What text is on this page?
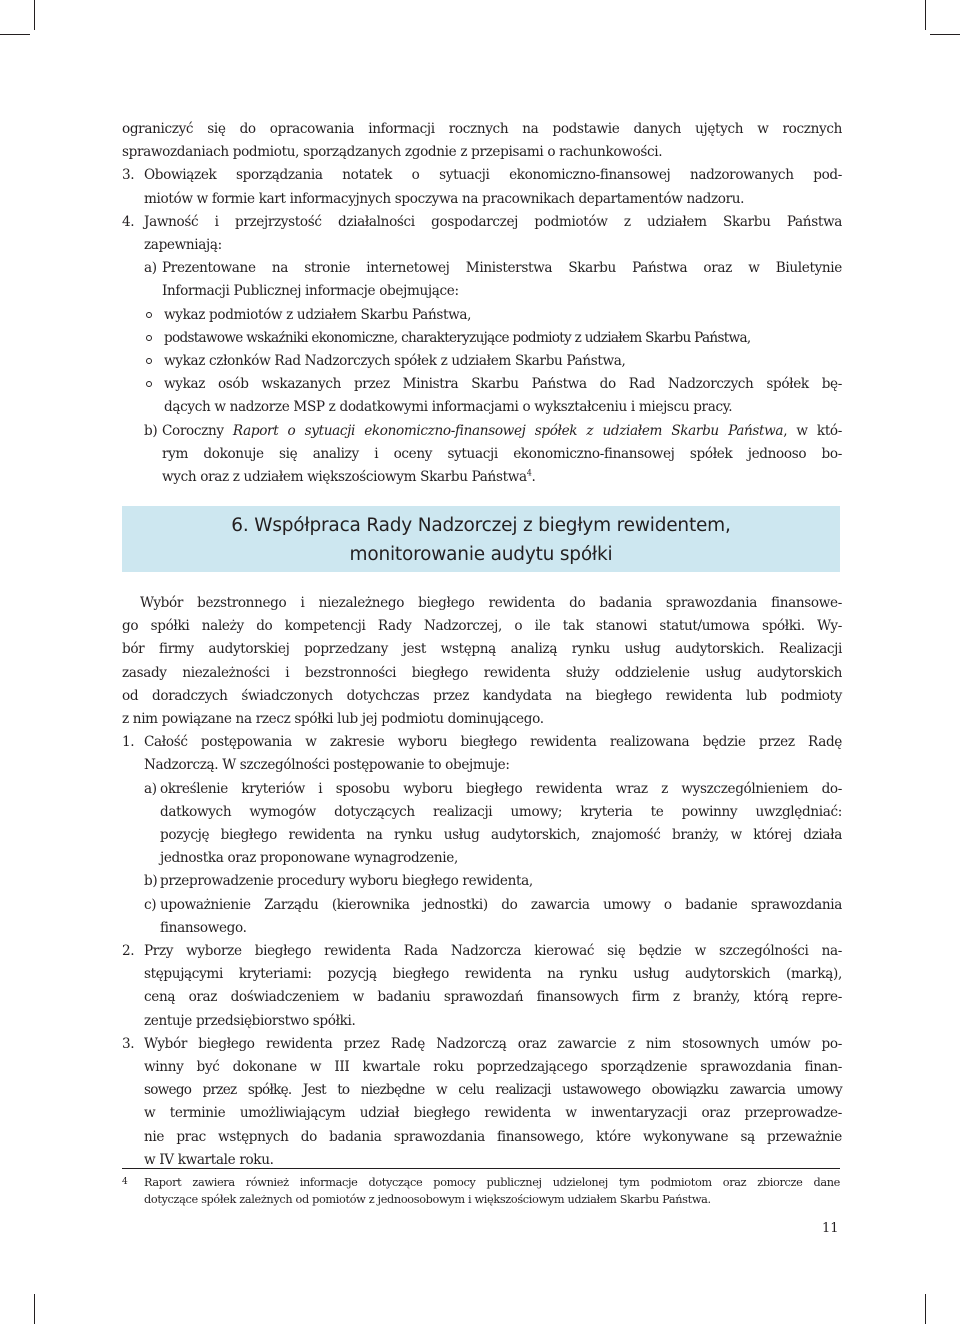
ograniczyć się do opracowania informacji rocznych na podstawie danych ujętych w rocznych
sprawozdaniach podmiotu, sporządzanych zgodnie z przepisami o rachunkowości.
3. Obowiązek sporządzania notatek o sytuacji ekonomiczno-finansowej nadzorowanych pod-
miotów w formie kart informacyjnych spoczywa na pracownikach departamentów nadzoru.
4. Jawność i przejrzystość działalności gospodarczej podmiotów z udziałem Skarbu Państwa
zapewniają:
a) Prezentowane na stronie internetowej Ministerstwa Skarbu Państwa oraz w Biuletynie
Informacji Publicznej informacje obejmujące:
wykaz podmiotów z udziałem Skarbu Państwa,
podstawowe wskaźniki ekonomiczne, charakteryzujące podmioty z udziałem Skarbu Państwa,
wykaz członków Rad Nadzorczych spółek z udziałem Skarbu Państwa,
wykaz osób wskazanych przez Ministra Skarbu Państwa do Rad Nadzorczych spółek bę-
dących w nadzorze MSP z dodatkowymi informacjami o wykształceniu i miejscu pracy.
b) Coroczny Raport o sytuacji ekonomiczno-finansowej spółek z udziałem Skarbu Państwa, w któ-
rym dokonuje się analizy i oceny sytuacji ekonomiczno-finansowej spółek jednooso bo-
wych oraz z udziałem większościowym Skarbu Państwa$^4$.
6. Współpraca Rady Nadzorczej z biegłym rewidentem,
monitorowanie audytu spółki
Wybór bezstronnego i niezależnego biegłego rewidenta do badania sprawozdania finansowe-
go spółki należy do kompetencji Rady Nadzorczej, o ile tak stanowi statut/umowa spółki. Wy-
bór firmy audytorskiej poprzedzany jest wstępną analizą rynku usług audytorskich. Realizacji
zasady niezależności i bezstronności biegłego rewidenta służy oddzielenie usług audytorskich
od doradczych świadczonych dotychczas przez kandydata na biegłego rewidenta lub podmioty
z nim powiązane na rzecz spółki lub jej podmiotu dominującego.
1. Całość postępowania w zakresie wyboru biegłego rewidenta realizowana będzie przez Radę
Nadzorczą. W szczególności postępowanie to obejmuje:
a) określenie kryteriów i sposobu wyboru biegłego rewidenta wraz z wyszczególnieniem do-
datkowych wymogów dotyczących realizacji umowy; kryteria te powinny uwzględniać:
pozycję biegłego rewidenta na rynku usług audytorskich, znajomość branży, w której działa
jednostka oraz proponowane wynagrodzenie,
b) przeprowadzenie procedury wyboru biegłego rewidenta,
c) upoważnienie Zarządu (kierownika jednostki) do zawarcia umowy o badanie sprawozdania
finansowego.
2. Przy wyborze biegłego rewidenta Rada Nadzorcza kierować się będzie w szczególności na-
stępującymi kryteriami: pozycją biegłego rewidenta na rynku usług audytorskich (marką),
ceną oraz doświadczeniem w badaniu sprawozdań finansowych firm z branży, którą repre-
zentuje przedsiębiorstwo spółki.
3. Wybór biegłego rewidenta przez Radę Nadzorczą oraz zawarcie z nim stosownych umów po-
winny być dokonane w III kwartale roku poprzedzającego sporządzenie sprawozdania finan-
sowego przez spółkę. Jest to niezbędne w celu realizacji ustawowego obowiązku zawarcia umowy
w terminie umożliwiającym udział biegłego rewidenta w inwentaryzacji oraz przeprowadze-
nie prac wstępnych do badania sprawozdania finansowego, które wykonywane są przeważnie
w IV kwartale roku.
4 Raport zawiera również informacje dotyczące pomocy publicznej udzielonej tym podmiotom oraz zbiorcze dane
dotyczące spółek zależnych od pomiotów z jednoosobowym i większościowym udziałem Skarbu Państwa.
11
